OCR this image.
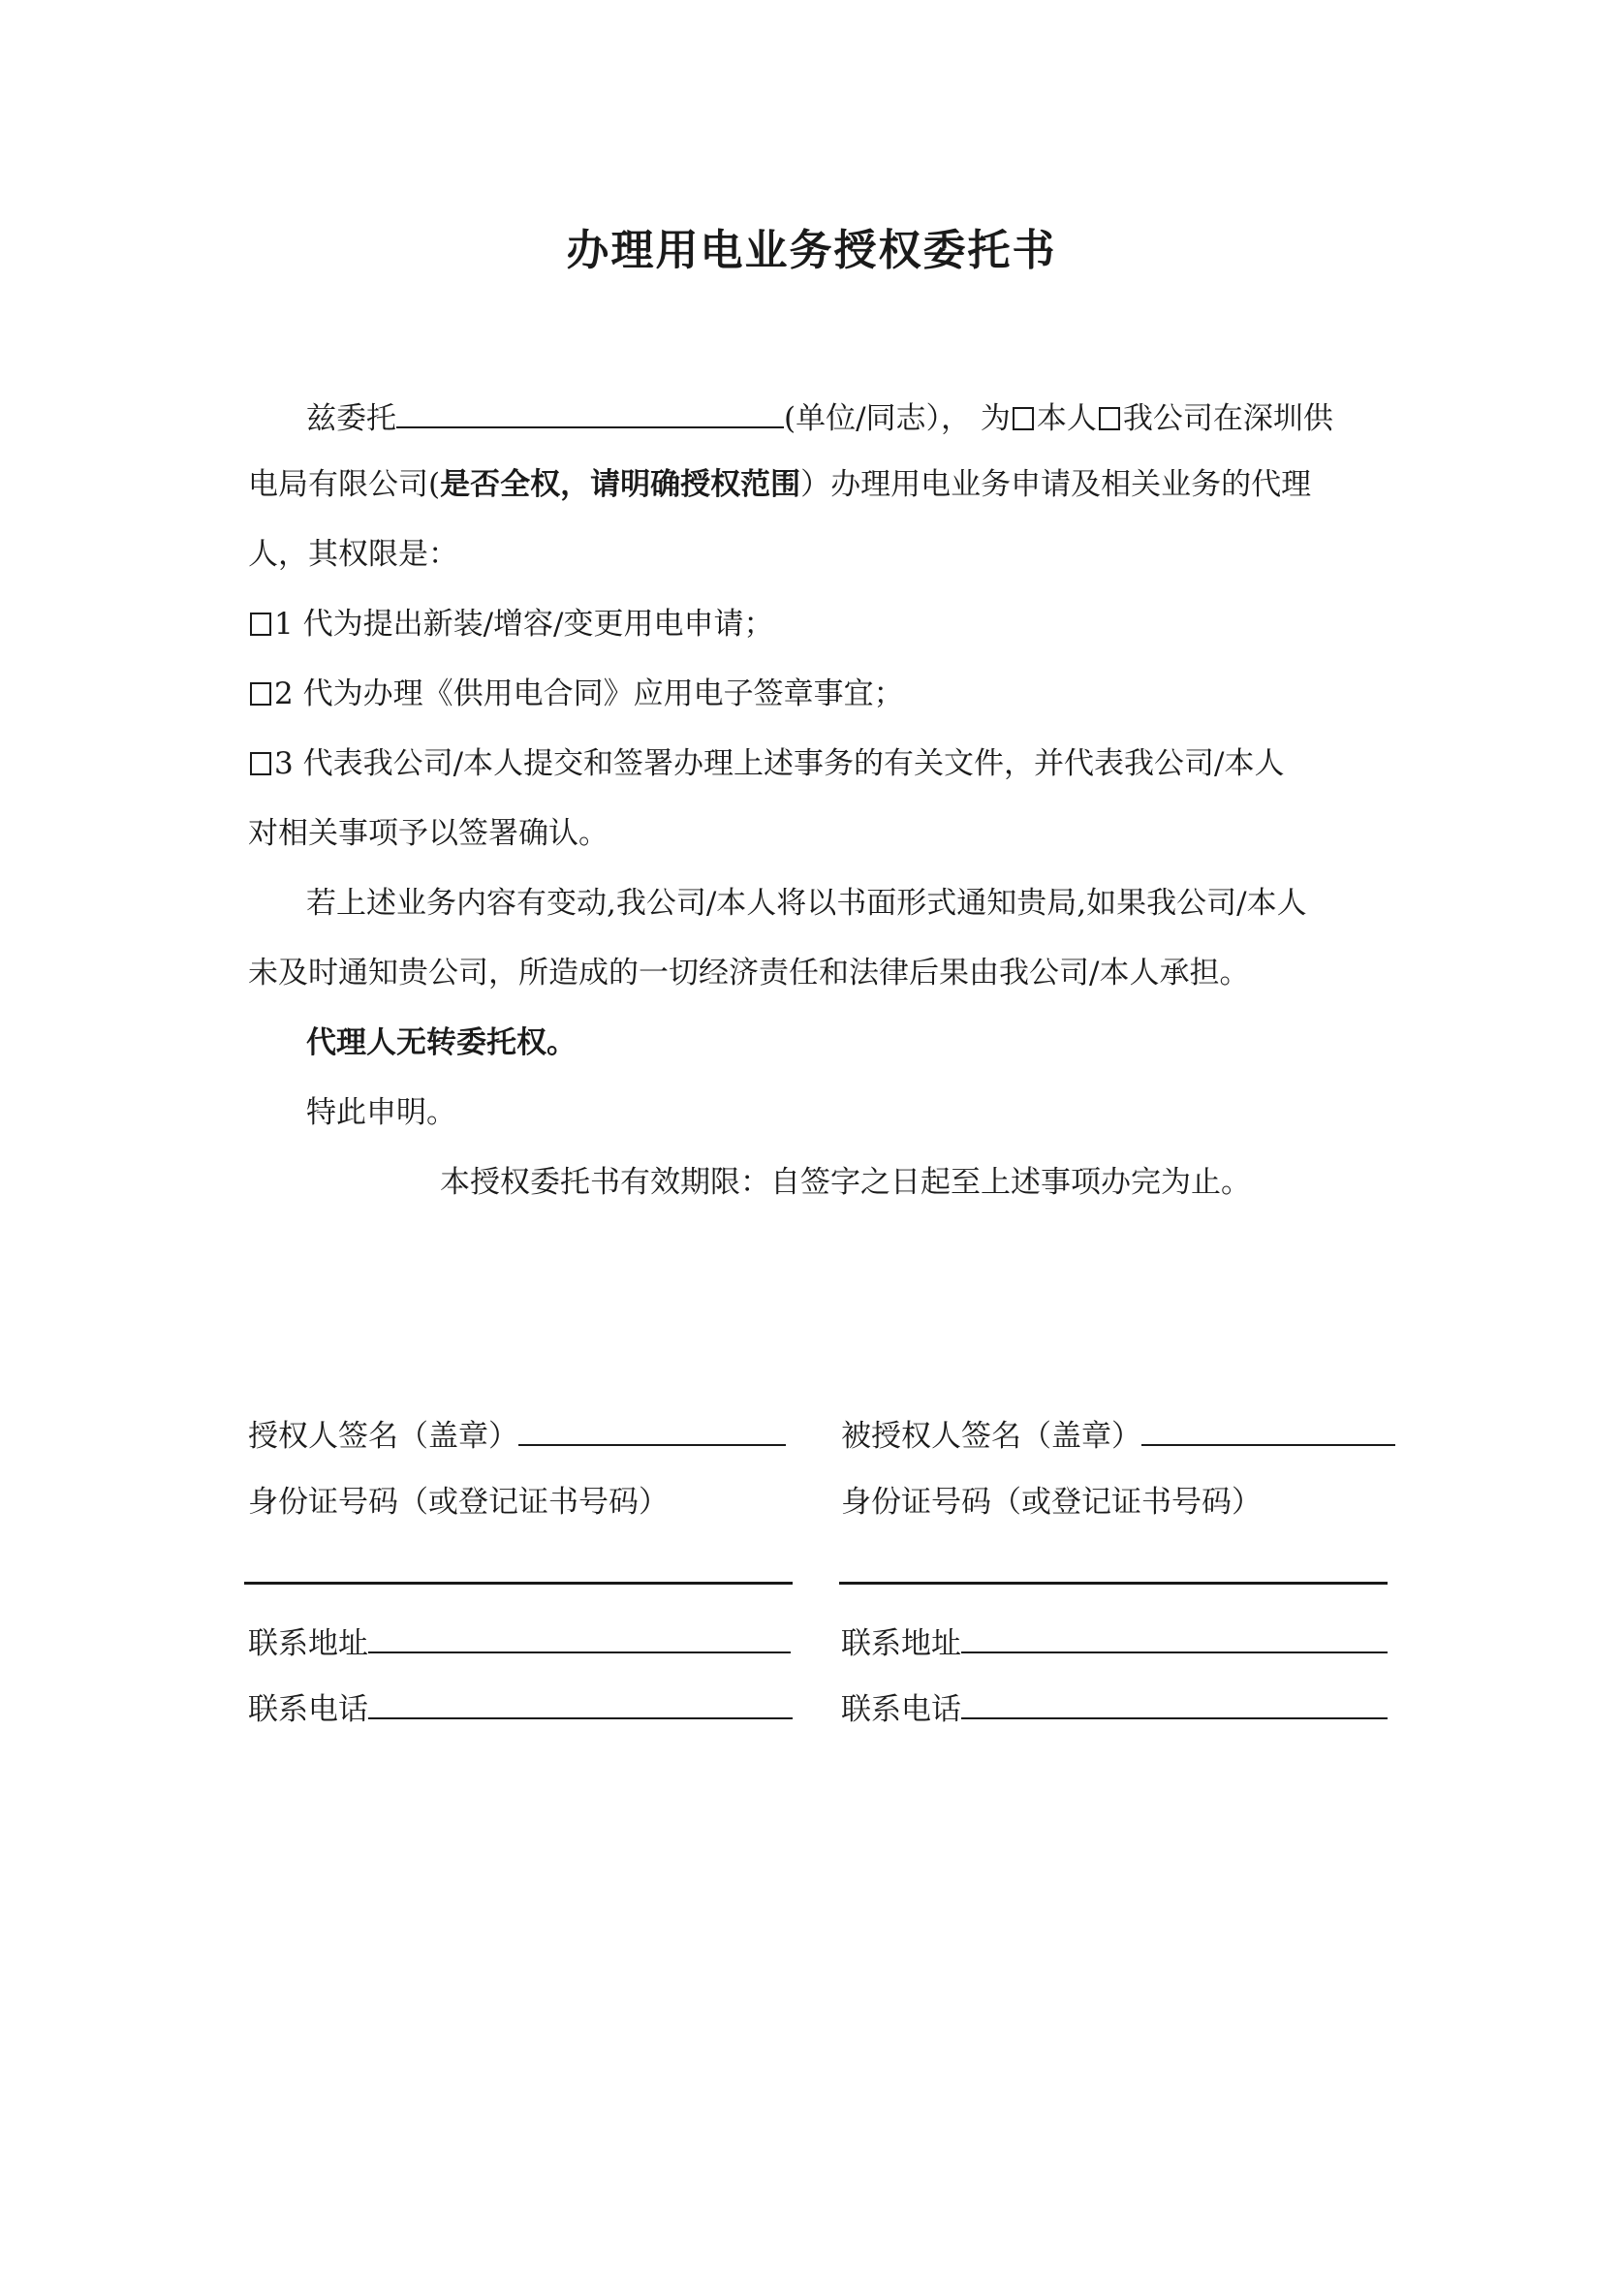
办理用电业务授权委托书
兹委托	(单位/同志）， 为 本人 我公司在深圳供
电局有限公司(是否全权，请明确授权范围）办理用电业务申请及相关业务的代理
人，其权限是：
1 代为提出新装/增容/变更用电申请；
2 代为办理《供用电合同》应用电子签章事宜；
3 代表我公司/本人提交和签署办理上述事务的有关文件，并代表我公司/本人
对相关事项予以签署确认。
若上述业务内容有变动,我公司/本人将以书面形式通知贵局,如果我公司/本人
未及时通知贵公司，所造成的一切经济责任和法律后果由我公司/本人承担。
代理人无转委托权。
特此申明。
本授权委托书有效期限：自签字之日起至上述事项办完为止。
授权人签名（盖章）
身份证号码（或登记证书号码）
联系地址
联系电话
被授权人签名（盖章）
身份证号码（或登记证书号码）
联系地址
联系电话
